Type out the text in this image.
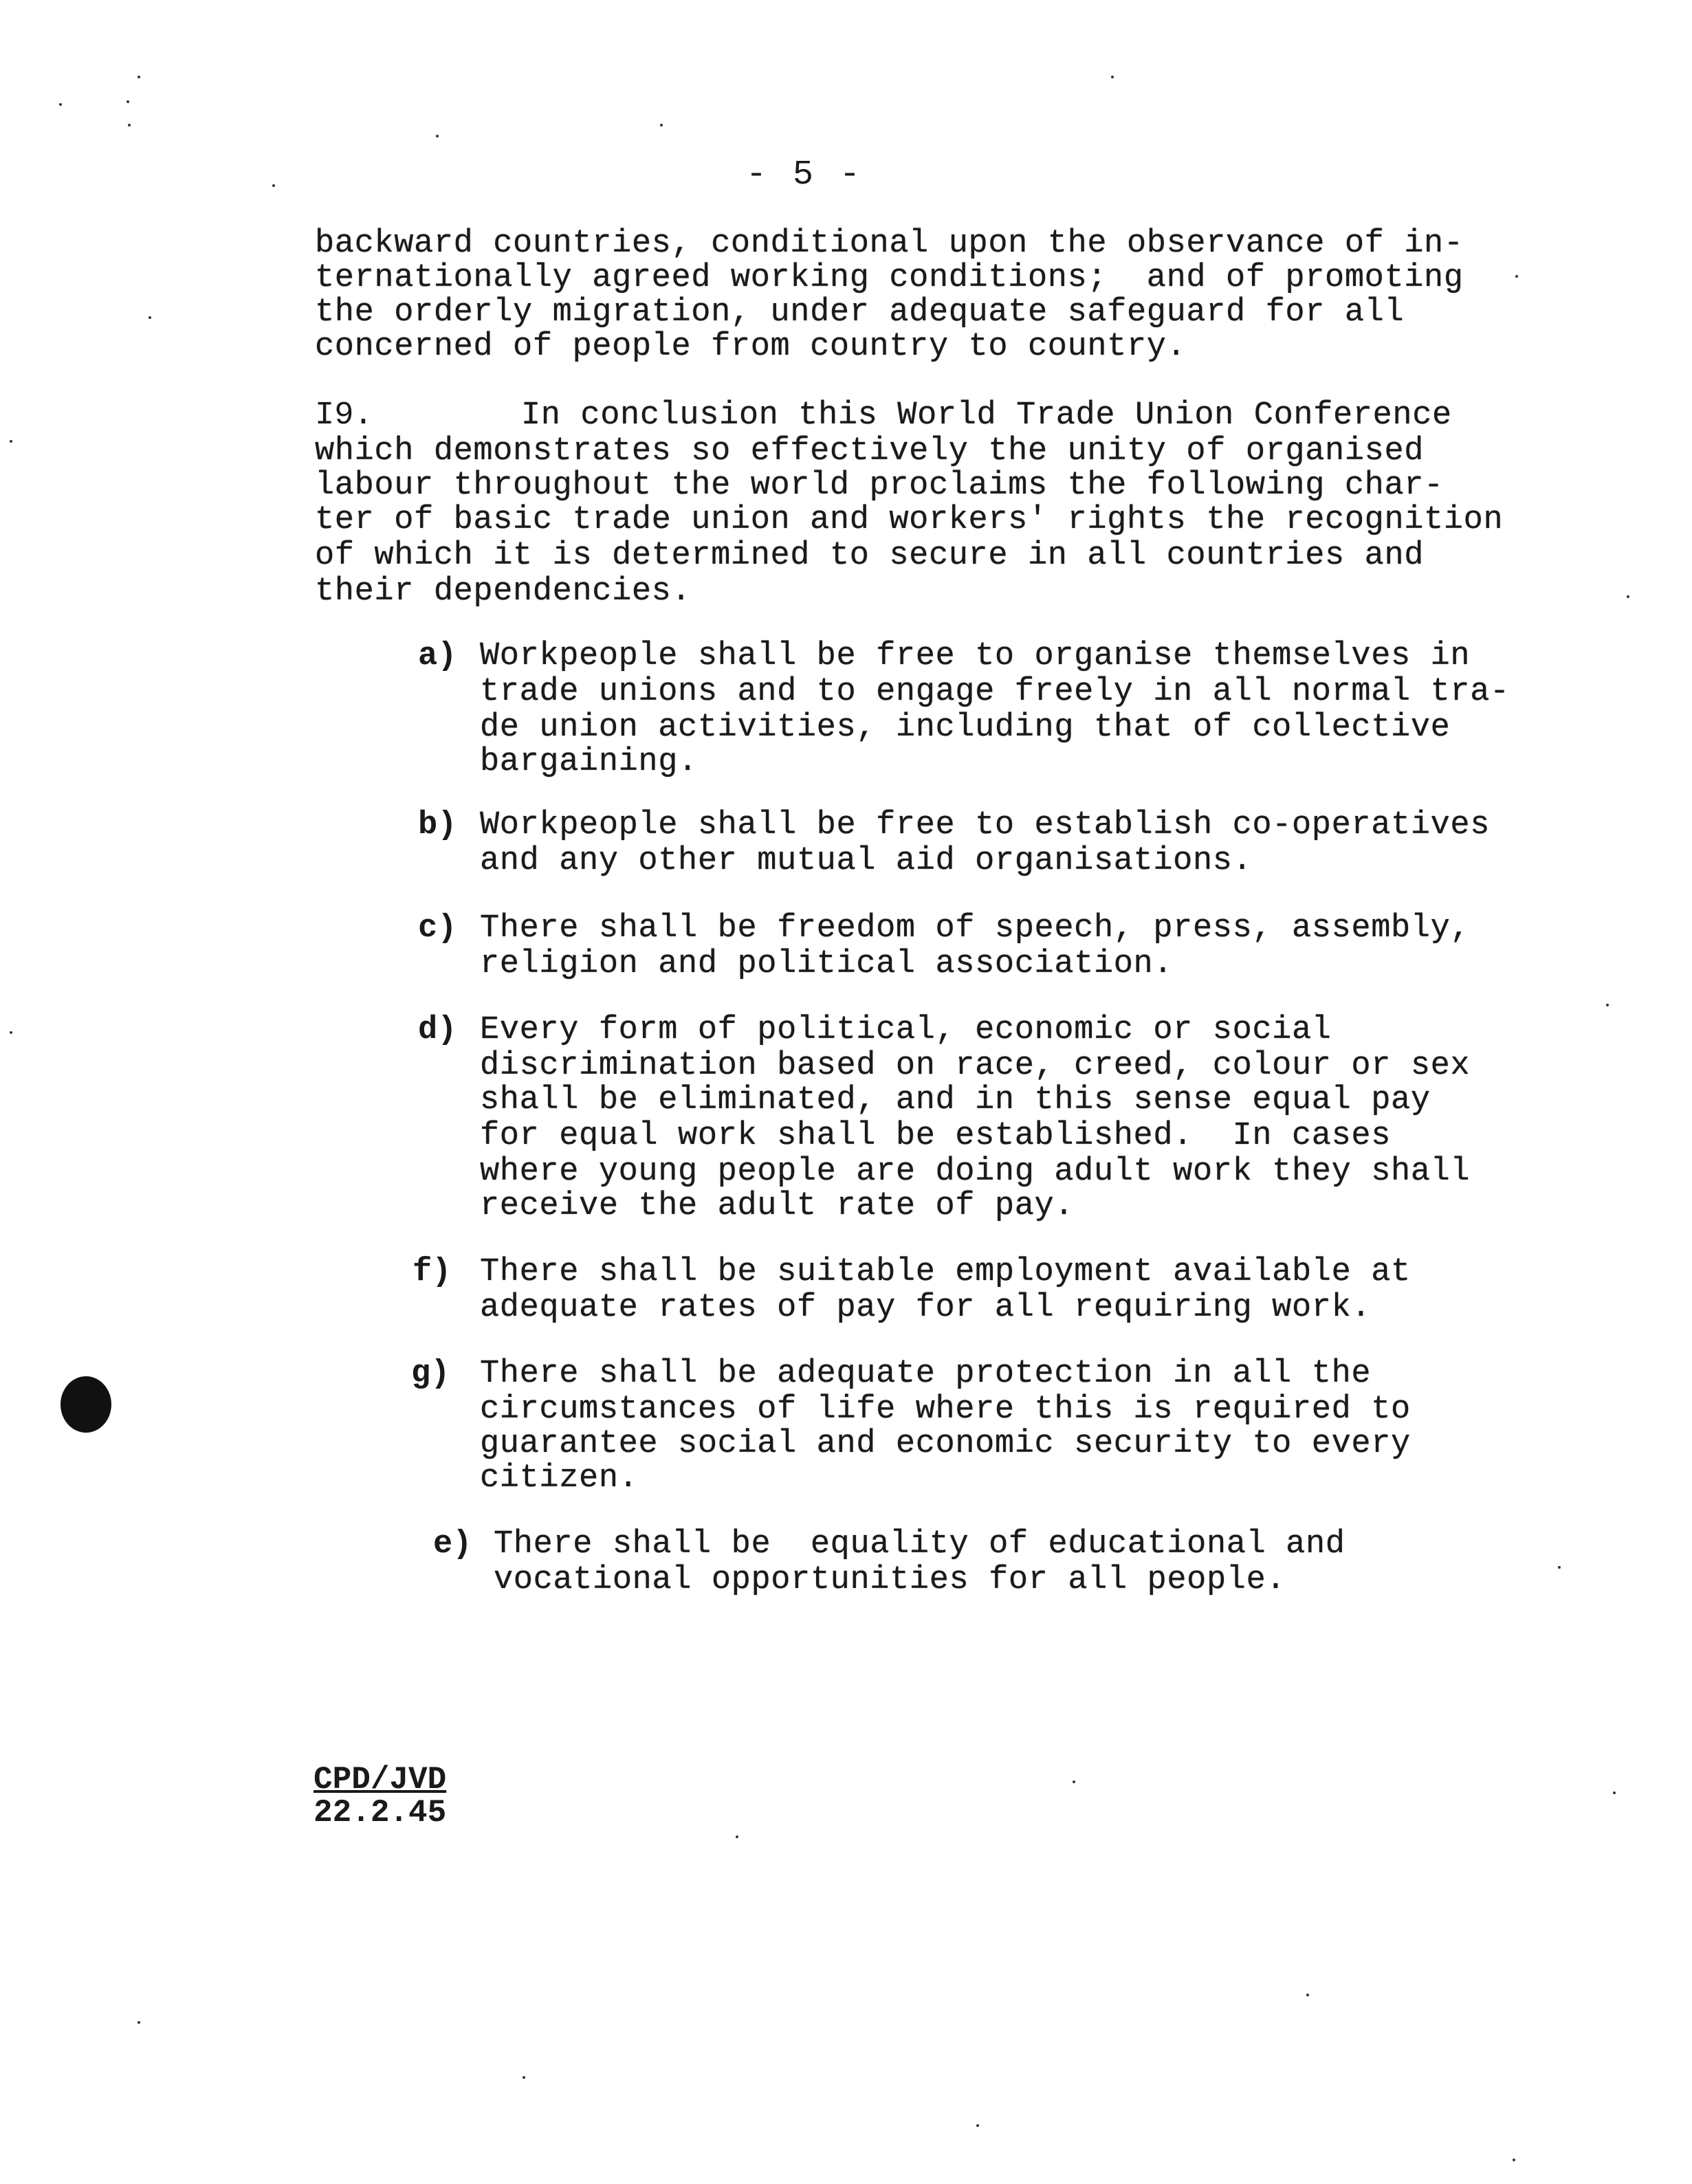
- 5 -
backward countries, conditional upon the observance of in-
ternationally agreed working conditions;  and of promoting
the orderly migration, under adequate safeguard for all
concerned of people from country to country.
I9.	In conclusion this World Trade Union Conference
which demonstrates so effectively the unity of organised
labour throughout the world proclaims the following char-
ter of basic trade union and workers' rights the recognition
of which it is determined to secure in all countries and
their dependencies.
a) Workpeople shall be free to organise themselves in
trade unions and to engage freely in all normal tra-
de union activities, including that of collective
bargaining.
b) Workpeople shall be free to establish co-operatives
and any other mutual aid organisations.
c) There shall be freedom of speech, press, assembly,
religion and political association.
d) Every form of political, economic or social
discrimination based on race, creed, colour or sex
shall be eliminated, and in this sense equal pay
for equal work shall be established.  In cases
where young people are doing adult work they shall
receive the adult rate of pay.
f) There shall be suitable employment available at
adequate rates of pay for all requiring work.
g) There shall be adequate protection in all the
circumstances of life where this is required to
guarantee social and economic security to every
citizen.
e) There shall be  equality of educational and
vocational opportunities for all people.
CPD/JVD
22.2.45
